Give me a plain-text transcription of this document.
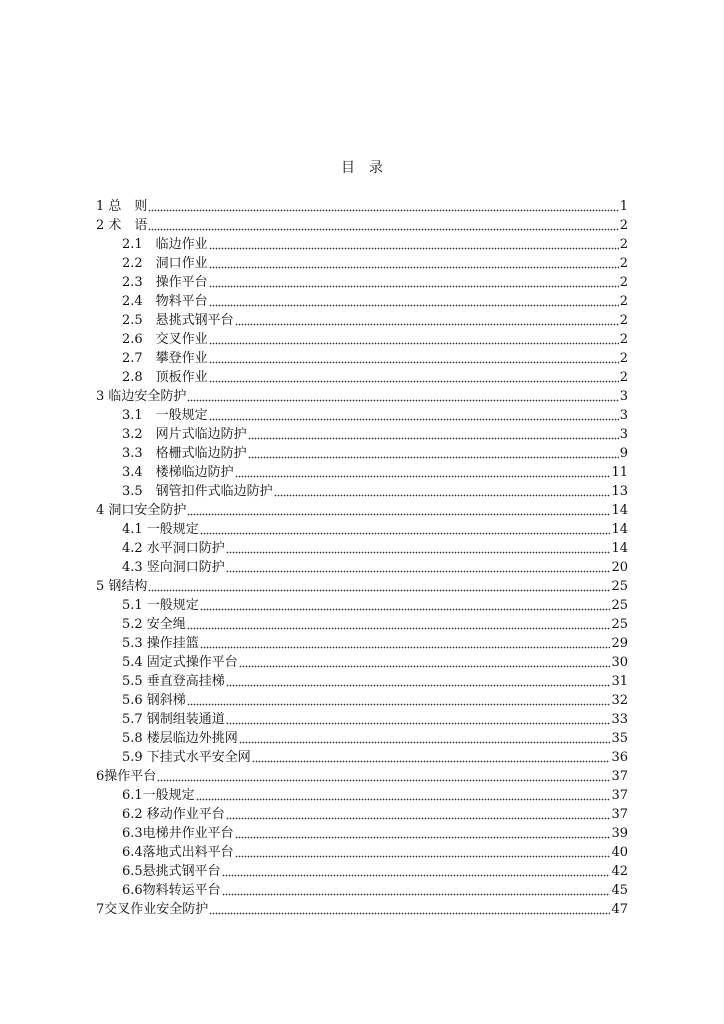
目　录
1 总　则	1
2 术　语	2
2.1　临边作业	2
2.2　洞口作业	2
2.3　操作平台	2
2.4　物料平台	2
2.5　悬挑式钢平台	2
2.6　交叉作业	2
2.7　攀登作业	2
2.8　顶板作业	2
3 临边安全防护	3
3.1　一般规定	3
3.2　网片式临边防护	3
3.3　格栅式临边防护	9
3.4　楼梯临边防护	11
3.5　钢管扣件式临边防护	13
4 洞口安全防护	14
4.1 一般规定	14
4.2 水平洞口防护	14
4.3 竖向洞口防护	20
5 钢结构	25
5.1 一般规定	25
5.2 安全绳	25
5.3 操作挂篮	29
5.4 固定式操作平台	30
5.5 垂直登高挂梯	31
5.6 钢斜梯	32
5.7 钢制组装通道	33
5.8 楼层临边外挑网	35
5.9 下挂式水平安全网	36
6操作平台	37
6.1一般规定	37
6.2 移动作业平台	37
6.3电梯井作业平台	39
6.4落地式出料平台	40
6.5悬挑式钢平台	42
6.6物料转运平台	45
7交叉作业安全防护	47
